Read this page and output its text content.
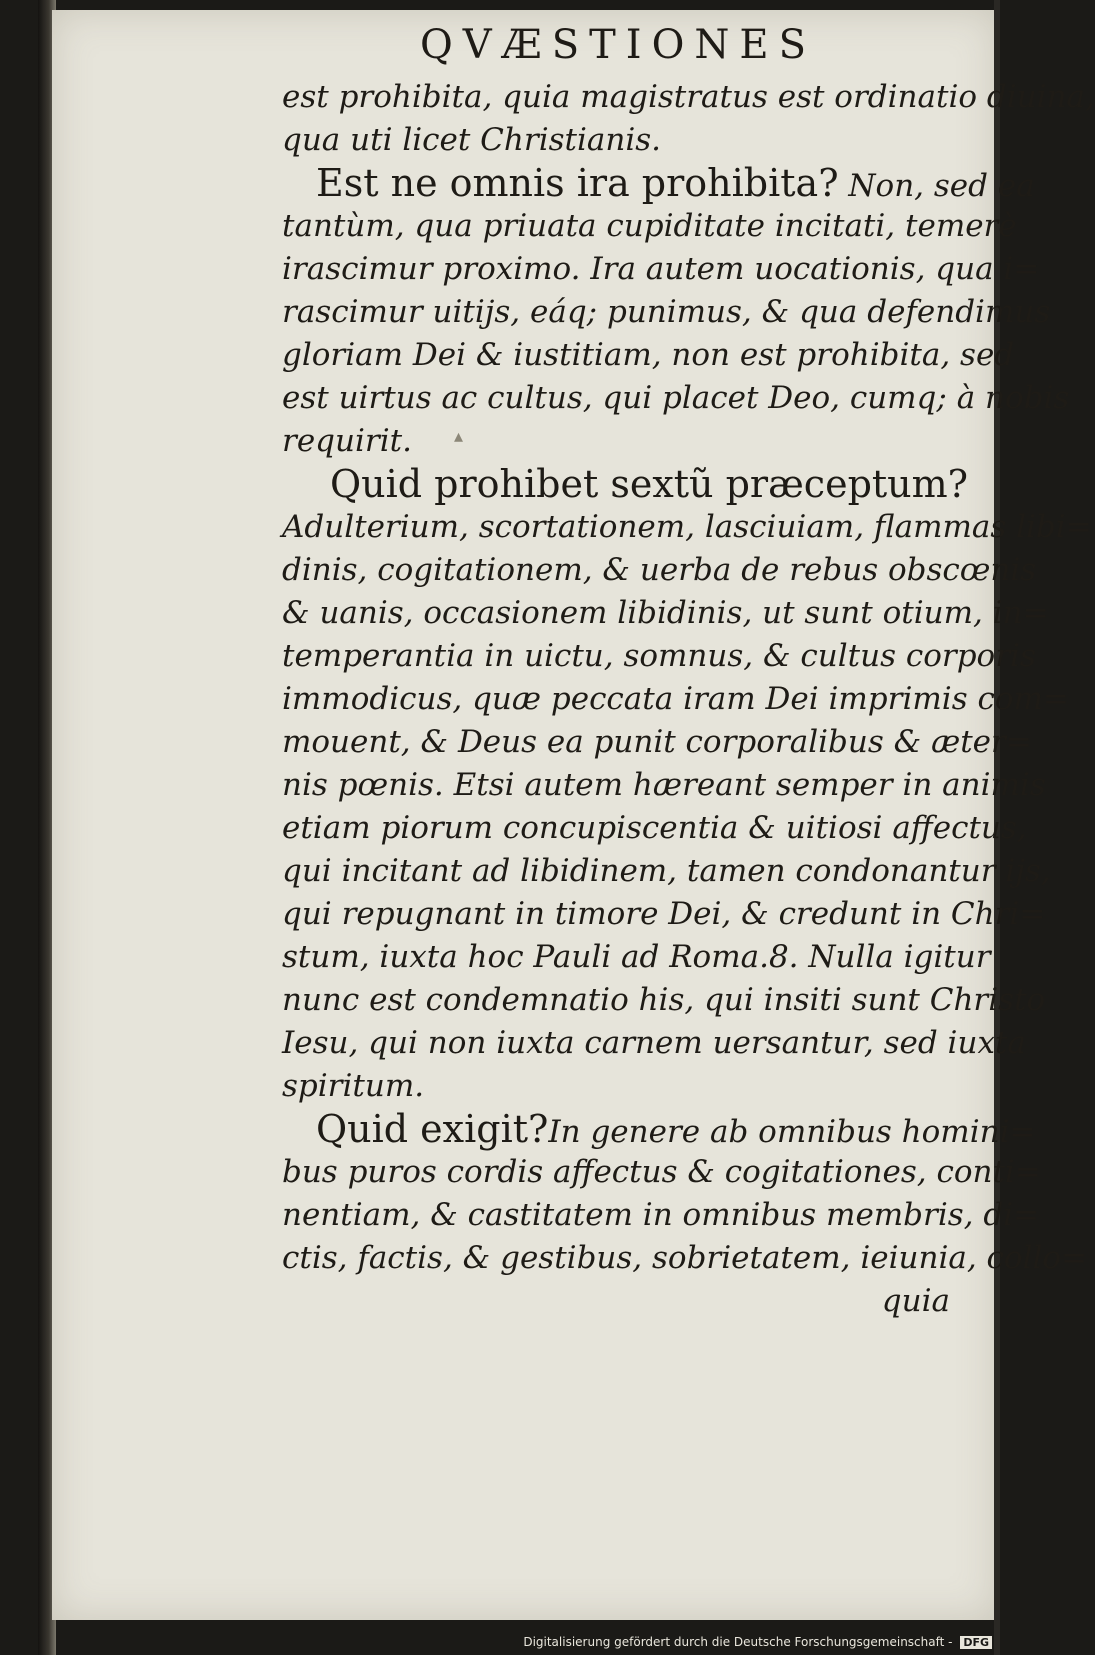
QVÆSTIONES
▴
est prohibita, quia magistratus est ordinatio diuina,
qua uti licet Christianis.
Est ne omnis ira prohibita? Non, sed ea
tantùm, qua priuata cupiditate incitati, temerè
irascimur proximo. Ira autem uocationis, qua i=
rascimur uitijs, eáq; punimus, & qua defendimus
gloriam Dei & iustitiam, non est prohibita, sed
est uirtus ac cultus, qui placet Deo, cumq; à nobis
requirit.
Quid prohibet sextũ præceptum?
Adulterium, scortationem, lasciuiam, flammas libi=
dinis, cogitationem, & uerba de rebus obscœnis
& uanis, occasionem libidinis, ut sunt otium, in=
temperantia in uictu, somnus, & cultus corporis
immodicus, quæ peccata iram Dei imprimis com=
mouent, & Deus ea punit corporalibus & æter=
nis pœnis. Etsi autem hæreant semper in animis
etiam piorum concupiscentia & uitiosi affectus,
qui incitant ad libidinem, tamen condonantur ijs,
qui repugnant in timore Dei, & credunt in Chri=
stum, iuxta hoc Pauli ad Roma.8. Nulla igitur
nunc est condemnatio his, qui insiti sunt Christo
Iesu, qui non iuxta carnem uersantur, sed iuxta
spiritum.
Quid exigit?In genere ab omnibus homini=
bus puros cordis affectus & cogitationes, conti=
nentiam, & castitatem in omnibus membris, di=
ctis, factis, & gestibus, sobrietatem, ieiunia, collo=
quia
Digitalisierung gefördert durch die Deutsche Forschungsgemeinschaft - DFG
